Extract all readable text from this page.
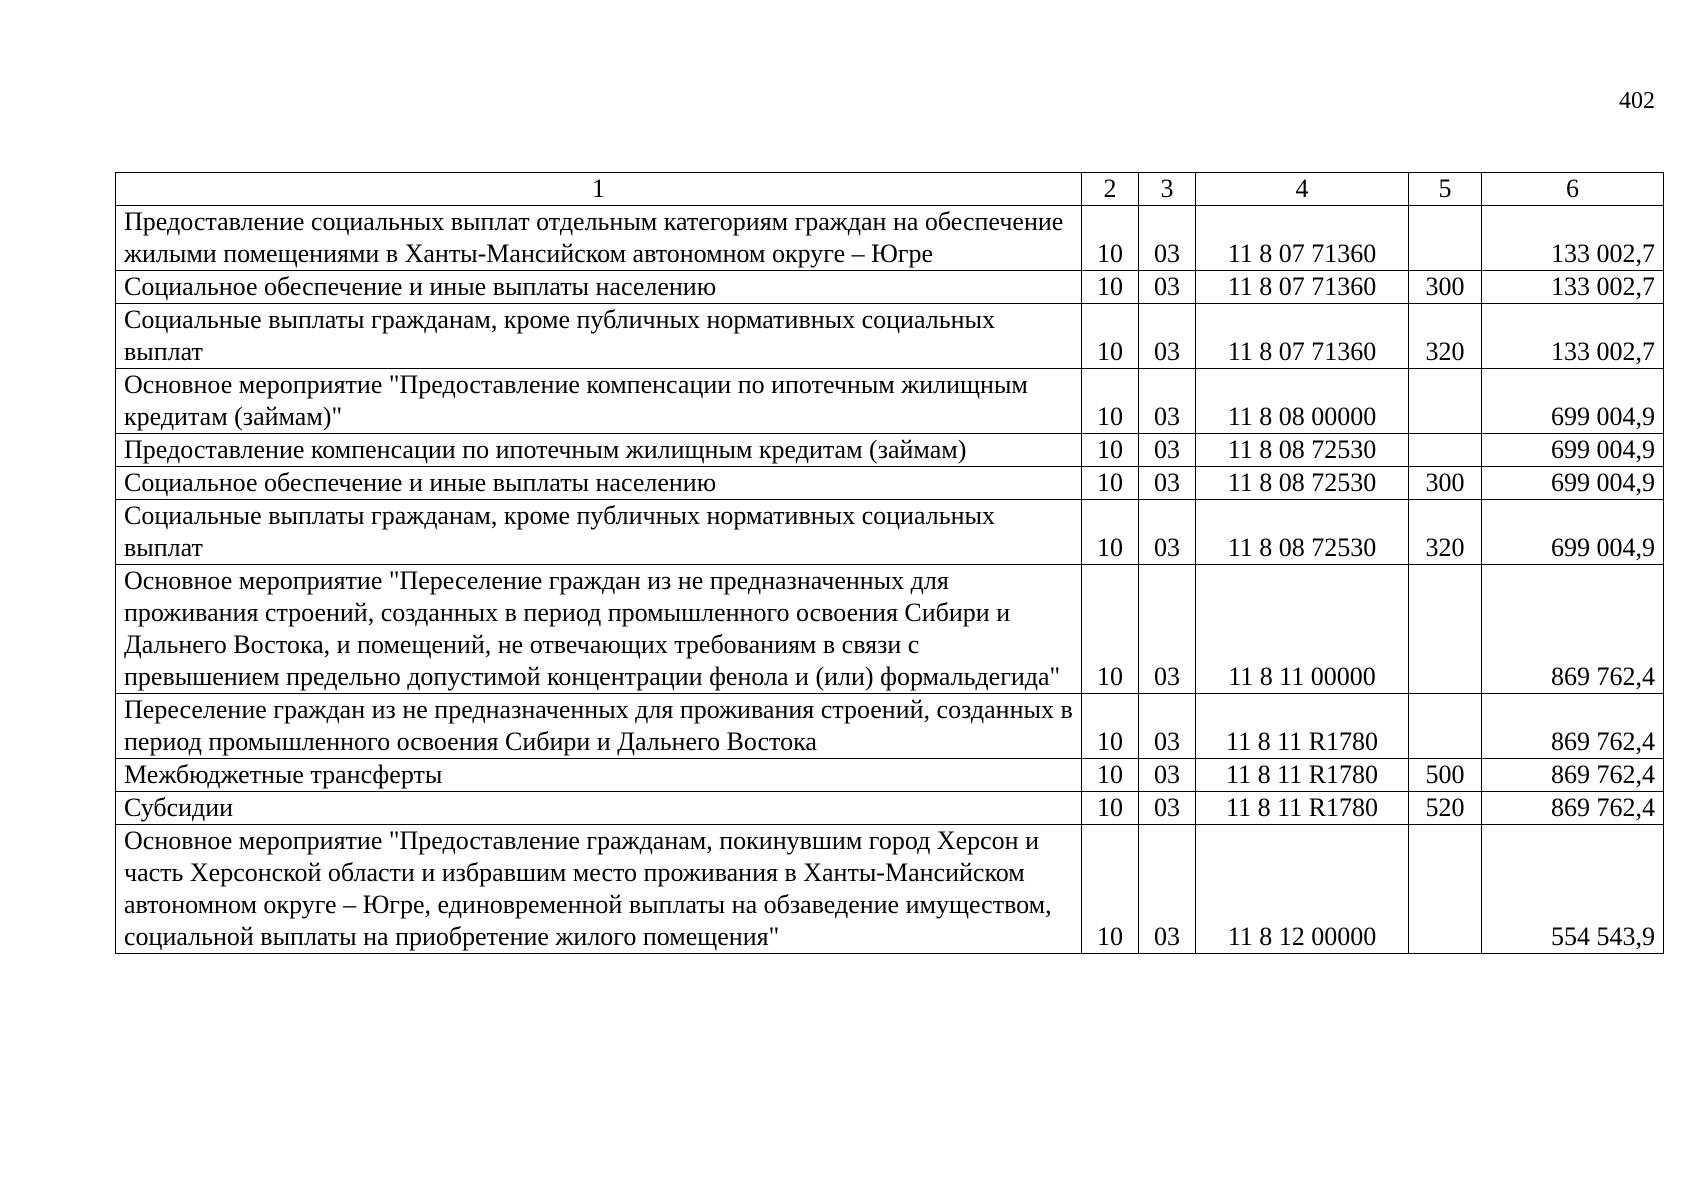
402
1	2	3	4	5	6
Предоставление социальных выплат отдельным категориям граждан на обеспечение жилыми помещениями в Ханты-Мансийском автономном округе – Югре	10	03	11 8 07 71360		133 002,7
Социальное обеспечение и иные выплаты населению	10	03	11 8 07 71360	300	133 002,7
Социальные выплаты гражданам, кроме публичных нормативных социальных выплат	10	03	11 8 07 71360	320	133 002,7
Основное мероприятие "Предоставление компенсации по ипотечным жилищным кредитам (займам)"	10	03	11 8 08 00000		699 004,9
Предоставление компенсации по ипотечным жилищным кредитам (займам)	10	03	11 8 08 72530		699 004,9
Социальное обеспечение и иные выплаты населению	10	03	11 8 08 72530	300	699 004,9
Социальные выплаты гражданам, кроме публичных нормативных социальных выплат	10	03	11 8 08 72530	320	699 004,9
Основное мероприятие "Переселение граждан из не предназначенных для проживания строений, созданных в период промышленного освоения Сибири и Дальнего Востока, и помещений, не отвечающих требованиям в связи с превышением предельно допустимой концентрации фенола и (или) формальдегида"	10	03	11 8 11 00000		869 762,4
Переселение граждан из не предназначенных для проживания строений, созданных в период промышленного освоения Сибири и Дальнего Востока	10	03	11 8 11 R1780		869 762,4
Межбюджетные трансферты	10	03	11 8 11 R1780	500	869 762,4
Субсидии	10	03	11 8 11 R1780	520	869 762,4
Основное мероприятие "Предоставление гражданам, покинувшим город Херсон и часть Херсонской области и избравшим место проживания в Ханты-Мансийском автономном округе – Югре, единовременной выплаты на обзаведение имуществом, социальной выплаты на приобретение жилого помещения"	10	03	11 8 12 00000		554 543,9
